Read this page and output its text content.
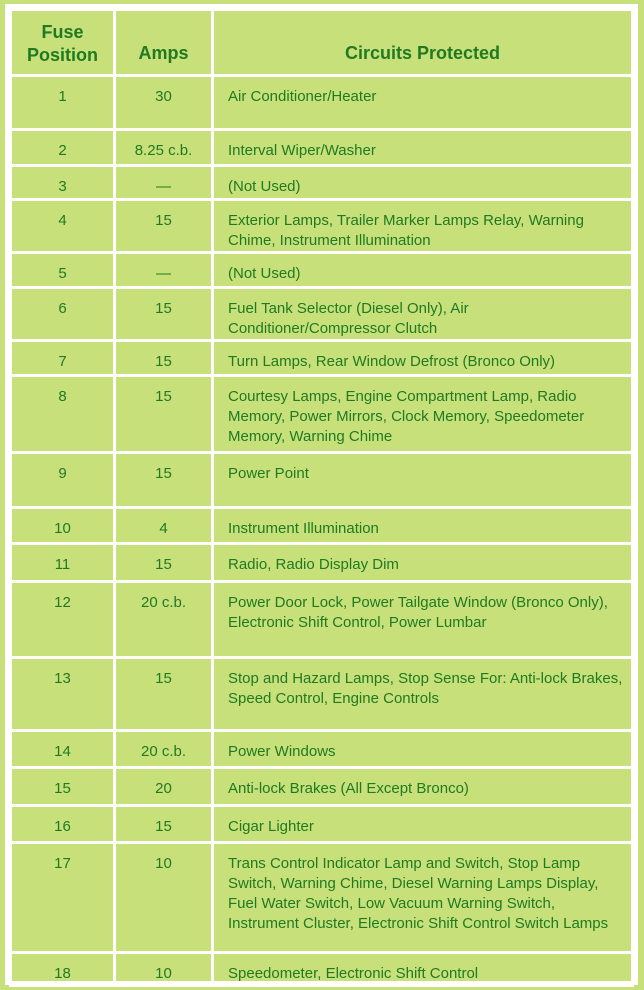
Fuse
Position	Amps	Circuits Protected
1	30	Air Conditioner/Heater
2	8.25 c.b.	Interval Wiper/Washer
3	—	(Not Used)
4	15	Exterior Lamps, Trailer Marker Lamps Relay, Warning Chime, Instrument Illumination
5	—	(Not Used)
6	15	Fuel Tank Selector (Diesel Only), Air Conditioner/Compressor Clutch
7	15	Turn Lamps, Rear Window Defrost (Bronco Only)
8	15	Courtesy Lamps, Engine Compartment Lamp, Radio Memory, Power Mirrors, Clock Memory, Speedometer Memory, Warning Chime
9	15	Power Point
10	4	Instrument Illumination
11	15	Radio, Radio Display Dim
12	20 c.b.	Power Door Lock, Power Tailgate Window (Bronco Only), Electronic Shift Control, Power Lumbar
13	15	Stop and Hazard Lamps, Stop Sense For: Anti-lock Brakes, Speed Control, Engine Controls
14	20 c.b.	Power Windows
15	20	Anti-lock Brakes (All Except Bronco)
16	15	Cigar Lighter
17	10	Trans Control Indicator Lamp and Switch, Stop Lamp Switch, Warning Chime, Diesel Warning Lamps Display, Fuel Water Switch, Low Vacuum Warning Switch, Instrument Cluster, Electronic Shift Control Switch Lamps
18	10	Speedometer, Electronic Shift Control
